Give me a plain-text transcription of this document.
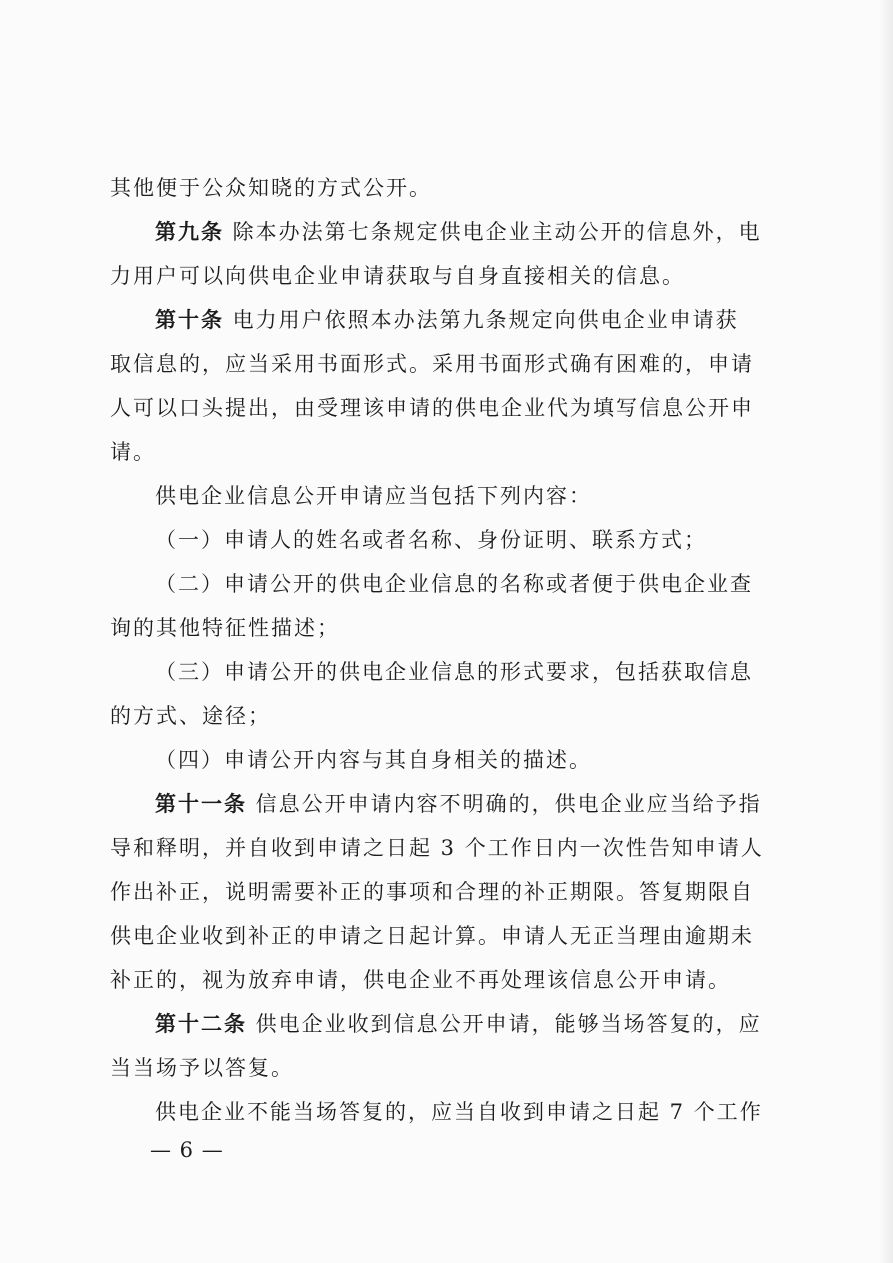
其他便于公众知晓的方式公开。
第九条 除本办法第七条规定供电企业主动公开的信息外，电
力用户可以向供电企业申请获取与自身直接相关的信息。
第十条 电力用户依照本办法第九条规定向供电企业申请获
取信息的，应当采用书面形式。采用书面形式确有困难的，申请
人可以口头提出，由受理该申请的供电企业代为填写信息公开申
请。
供电企业信息公开申请应当包括下列内容：
（一）申请人的姓名或者名称、身份证明、联系方式；
（二）申请公开的供电企业信息的名称或者便于供电企业查
询的其他特征性描述；
（三）申请公开的供电企业信息的形式要求，包括获取信息
的方式、途径；
（四）申请公开内容与其自身相关的描述。
第十一条 信息公开申请内容不明确的，供电企业应当给予指
导和释明，并自收到申请之日起 3 个工作日内一次性告知申请人
作出补正，说明需要补正的事项和合理的补正期限。答复期限自
供电企业收到补正的申请之日起计算。申请人无正当理由逾期未
补正的，视为放弃申请，供电企业不再处理该信息公开申请。
第十二条 供电企业收到信息公开申请，能够当场答复的，应
当当场予以答复。
供电企业不能当场答复的，应当自收到申请之日起 7 个工作
— 6 —
